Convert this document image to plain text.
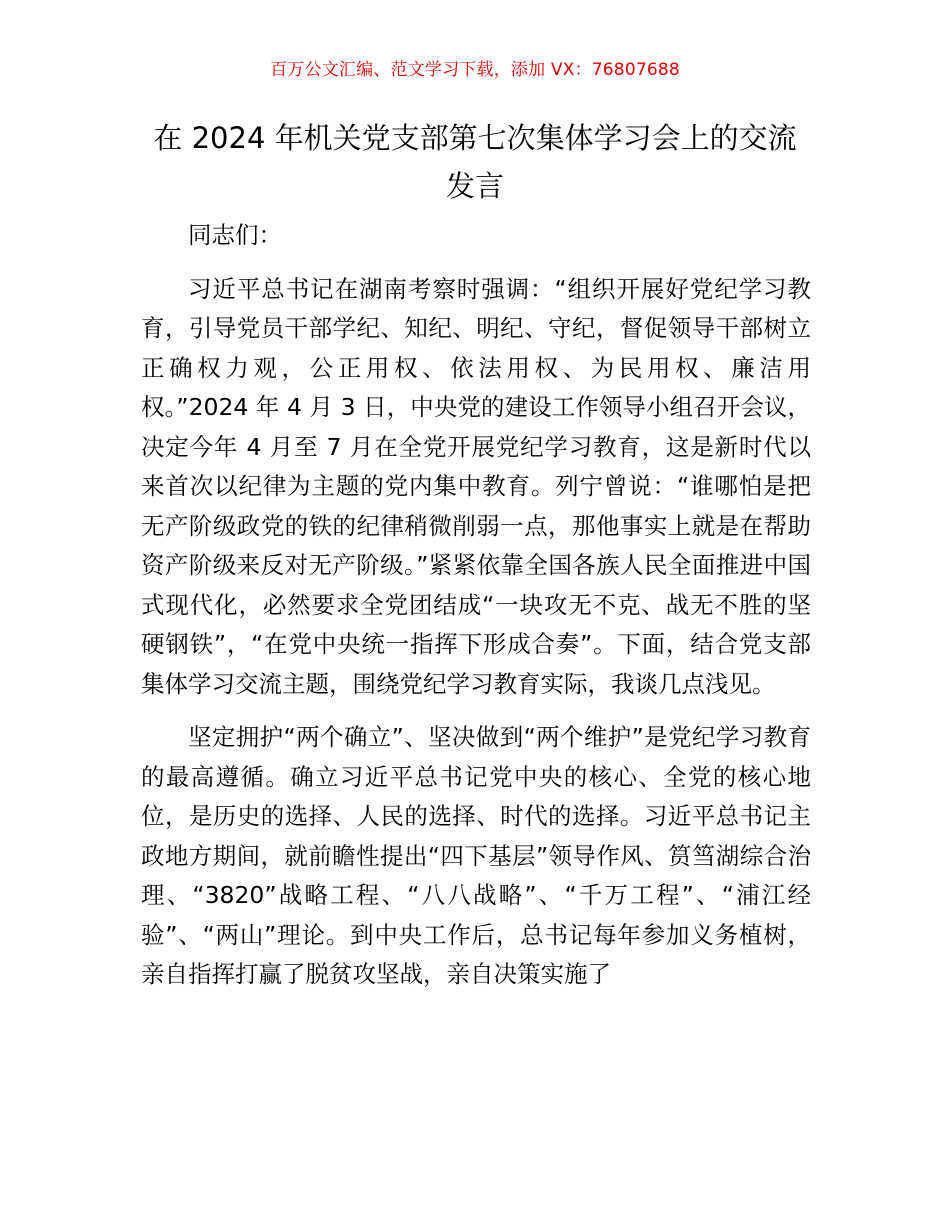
百万公文汇编、范文学习下载，添加 VX：76807688
在 2024 年机关党支部第七次集体学习会上的交流发言

同志们：

习近平总书记在湖南考察时强调：“组织开展好党纪学习教育，引导党员干部学纪、知纪、明纪、守纪，督促领导干部树立正确权力观，公正用权、依法用权、为民用权、廉洁用权。”2024 年 4 月 3 日，中央党的建设工作领导小组召开会议，决定今年 4 月至 7 月在全党开展党纪学习教育，这是新时代以来首次以纪律为主题的党内集中教育。列宁曾说：“谁哪怕是把无产阶级政党的铁的纪律稍微削弱一点，那他事实上就是在帮助资产阶级来反对无产阶级。”紧紧依靠全国各族人民全面推进中国式现代化，必然要求全党团结成“一块攻无不克、战无不胜的坚硬钢铁”，“在党中央统一指挥下形成合奏”。下面，结合党支部集体学习交流主题，围绕党纪学习教育实际，我谈几点浅见。

坚定拥护“两个确立”、坚决做到“两个维护”是党纪学习教育的最高遵循。确立习近平总书记党中央的核心、全党的核心地位，是历史的选择、人民的选择、时代的选择。习近平总书记主政地方期间，就前瞻性提出“四下基层”领导作风、筼筜湖综合治理、“3820”战略工程、“八八战略”、“千万工程”、“浦江经验”、“两山”理论。到中央工作后，总书记每年参加义务植树，亲自指挥打赢了脱贫攻坚战，亲自决策实施了
